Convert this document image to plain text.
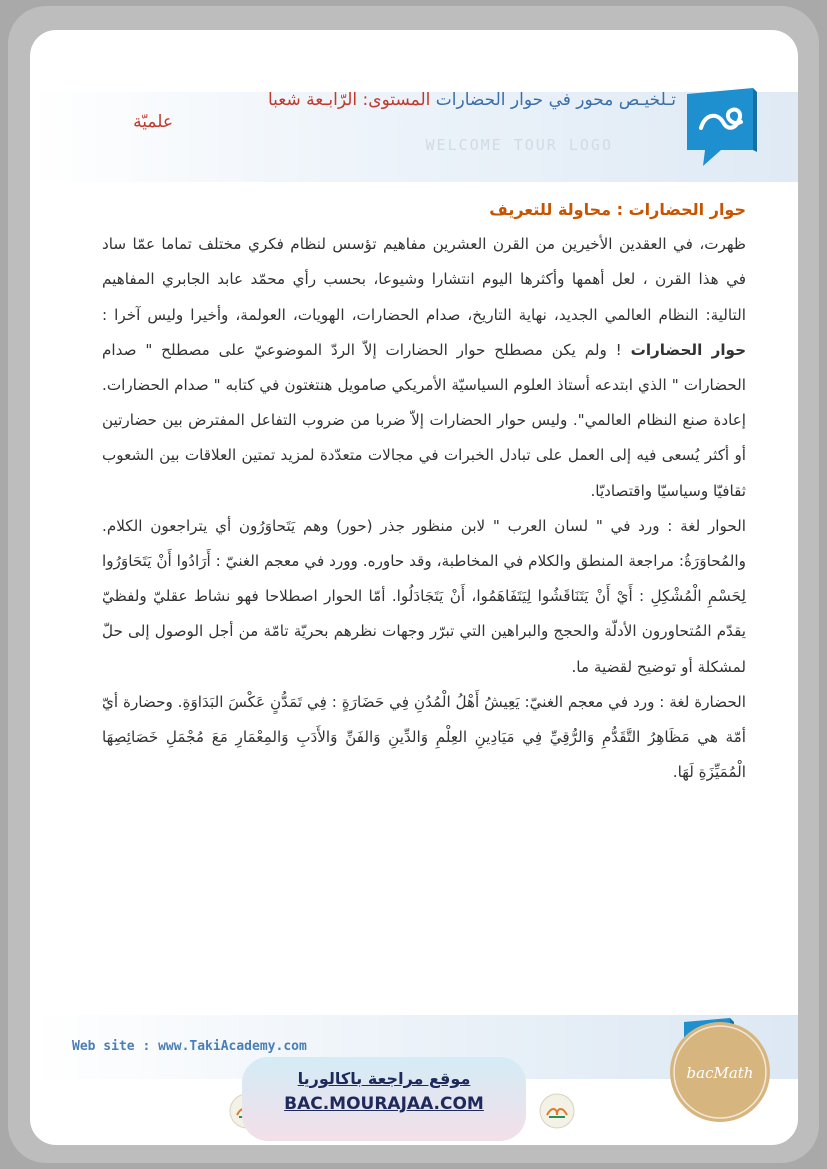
WELCOME TOUR LOGO
تـلخيـص محور في حوار الحضارات المستوى: الرّابـعة شعبا
علميّة

حوار الحضارات : محاولة للتعريف

ظهرت، في العقدين الأخيرين من القرن العشرين مفاهيم تؤسس لنظام فكري مختلف تماما عمّا ساد في هذا القرن ، لعل أهمها وأكثرها اليوم انتشارا وشيوعا، بحسب رأي محمّد عابد الجابري المفاهيم التالية: النظام العالمي الجديد، نهاية التاريخ، صدام الحضارات، الهويات، العولمة، وأخيرا وليس آخرا : حوار الحضارات ! ولم يكن مصطلح حوار الحضارات إلاّ الردّ الموضوعيّ على مصطلح " صدام الحضارات " الذي ابتدعه أستاذ العلوم السياسيّة الأمريكي صامويل هنتغتون في كتابه " صدام الحضارات. إعادة صنع النظام العالمي". وليس حوار الحضارات إلاّ ضربا من ضروب التفاعل المفترض بين حضارتين أو أكثر يُسعى فيه إلى العمل على تبادل الخبرات في مجالات متعدّدة لمزيد تمتين العلاقات بين الشعوب ثقافيّا وسياسيّا واقتصاديّا.

الحوار لغة : ورد في " لسان العرب " لابن منظور جذر (حور) وهم يَتَحاوَرُون أي يتراجعون الكلام. والمُحاوَرَةُ: مراجعة المنطق والكلام في المخاطبة، وقد حاوره. وورد في معجم الغنيّ : أَرَادُوا أَنْ يَتَحَاوَرُوا لِحَسْمِ الْمُشْكِلِ : أَيْ أَنْ يَتَنَاقَشُوا لِيَتَفَاهَمُوا، أَنْ يَتَجَادَلُوا. أمّا الحوار اصطلاحا فهو نشاط عقليّ ولفظيّ يقدّم المُتحاورون الأدلّة والحجج والبراهين التي تبرّر وجهات نظرهم بحريّة تامّة من أجل الوصول إلى حلّ لمشكلة أو توضيح لقضية ما.

الحضارة لغة : ورد في معجم الغنيّ: يَعِيشُ أَهْلُ الْمُدُنِ فِي حَضَارَةٍ : فِي تَمَدُّنٍ عَكْسَ البَدَاوَةِ. وحضارة أيّ أمّة هي مَظَاهِرُ التَّقَدُّمِ وَالرُّقِيِّ فِي مَيَادِينِ العِلْمِ وَالدِّينِ وَالفَنِّ وَالأَدَبِ وَالمِعْمَارِ مَعَ مُجْمَلِ خَصَائِصِهَا الْمُمَيِّزَةِ لَهَا.

Web site : www.TakiAcademy.com
bacMath
موقع مراجعة باكالوريا
BAC.MOURAJAA.COM
